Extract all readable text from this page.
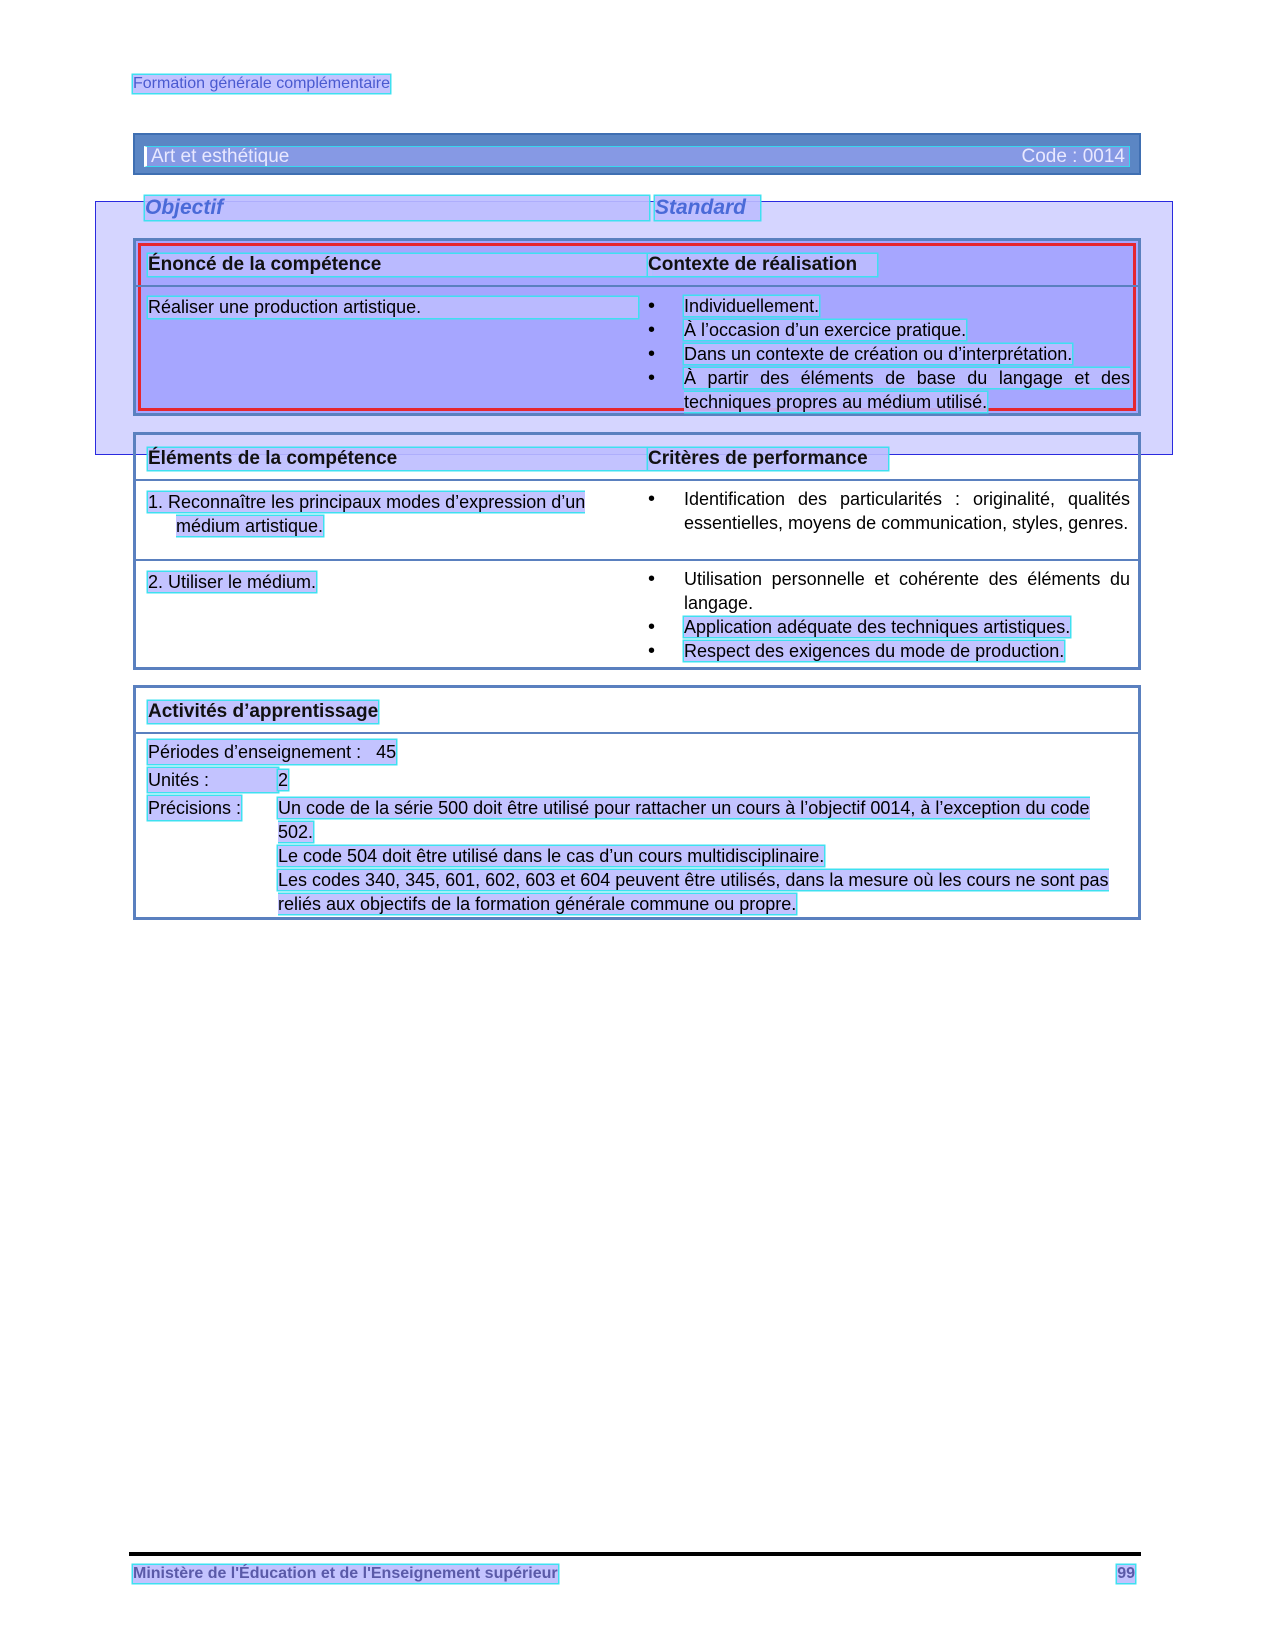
Formation générale complémentaire
Art et esthétique	Code : 0014
Objectif	Standard
Énoncé de la compétence	Contexte de réalisation
Réaliser une production artistique.	• Individuellement.
• À l’occasion d’un exercice pratique.
• Dans un contexte de création ou d’interprétation.
• À partir des éléments de base du langage et des techniques propres au médium utilisé.
Éléments de la compétence	Critères de performance
1. Reconnaître les principaux modes d’expression d’un médium artistique.
• Identification des particularités : originalité, qualités essentielles, moyens de communication, styles, genres.
2. Utiliser le médium.	• Utilisation personnelle et cohérente des éléments du langage.
• Application adéquate des techniques artistiques.
• Respect des exigences du mode de production.
Activités d’apprentissage
Périodes d’enseignement : 45
Unités :	2
Précisions : Un code de la série 500 doit être utilisé pour rattacher un cours à l’objectif 0014, à l’exception du code 502.
Le code 504 doit être utilisé dans le cas d’un cours multidisciplinaire.
Les codes 340, 345, 601, 602, 603 et 604 peuvent être utilisés, dans la mesure où les cours ne sont pas reliés aux objectifs de la formation générale commune ou propre.
Ministère de l'Éducation et de l'Enseignement supérieur	99
